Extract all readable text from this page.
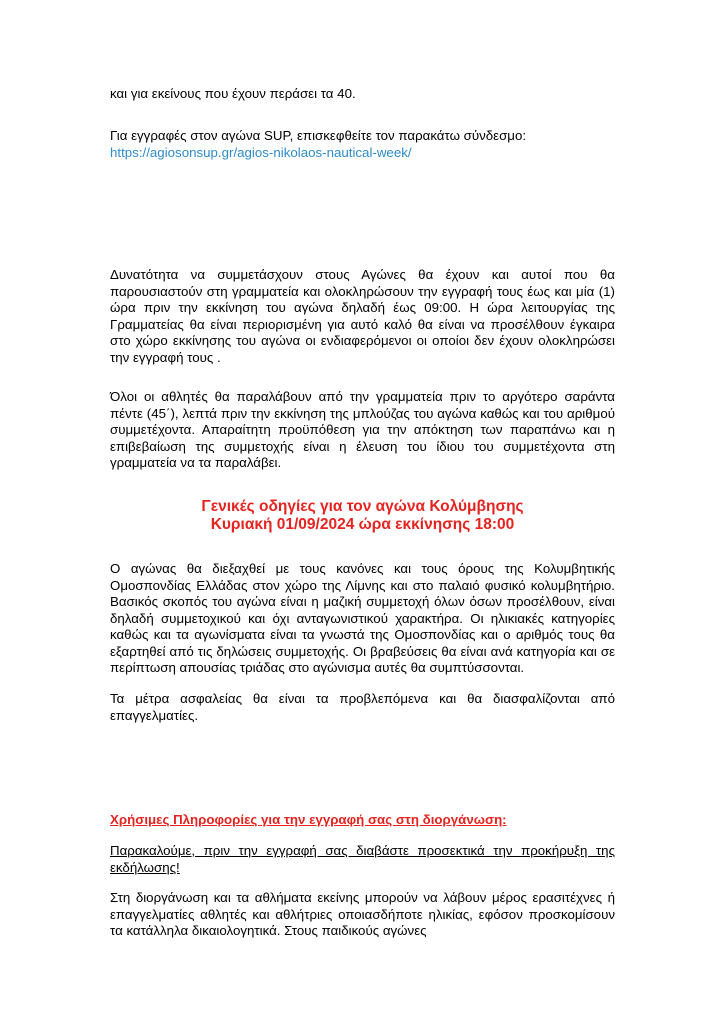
και για εκείνους που έχουν περάσει τα 40.

Για εγγραφές στον αγώνα SUP, επισκεφθείτε τον παρακάτω σύνδεσμο:

https://agiosonsup.gr/agios-nikolaos-nautical-week/

Δυνατότητα να συμμετάσχουν στους Αγώνες θα έχουν και αυτοί που θα παρουσιαστούν στη γραμματεία και ολοκληρώσουν την εγγραφή τους έως και μία (1) ώρα πριν την εκκίνηση του αγώνα δηλαδή έως 09:00. Η ώρα λειτουργίας της Γραμματείας θα είναι περιορισμένη για αυτό καλό θα είναι να προσέλθουν έγκαιρα στο χώρο εκκίνησης του αγώνα οι ενδιαφερόμενοι οι οποίοι δεν έχουν ολοκληρώσει την εγγραφή τους .

Όλοι οι αθλητές θα παραλάβουν από την γραμματεία πριν το αργότερο σαράντα πέντε (45΄), λεπτά πριν την εκκίνηση της μπλούζας του αγώνα καθώς και του αριθμού συμμετέχοντα. Απαραίτητη προϋπόθεση για την απόκτηση των παραπάνω και η επιβεβαίωση της συμμετοχής είναι η έλευση του ίδιου του συμμετέχοντα στη γραμματεία να τα παραλάβει.

Γενικές οδηγίες για τον αγώνα Κολύμβησης
Κυριακή 01/09/2024 ώρα εκκίνησης 18:00

Ο αγώνας θα διεξαχθεί με τους κανόνες και τους όρους της Κολυμβητικής Ομοσπονδίας Ελλάδας στον χώρο της Λίμνης και στο παλαιό φυσικό κολυμβητήριο. Βασικός σκοπός του αγώνα είναι η μαζική συμμετοχή όλων όσων προσέλθουν, είναι δηλαδή συμμετοχικού και όχι ανταγωνιστικού χαρακτήρα. Οι ηλικιακές κατηγορίες καθώς και τα αγωνίσματα είναι τα γνωστά της Ομοσπονδίας και ο αριθμός τους θα εξαρτηθεί από τις δηλώσεις συμμετοχής. Οι βραβεύσεις θα είναι ανά κατηγορία και σε περίπτωση απουσίας τριάδας στο αγώνισμα αυτές θα συμπτύσσονται.

Τα μέτρα ασφαλείας θα είναι τα προβλεπόμενα και θα διασφαλίζονται από επαγγελματίες.

Χρήσιμες Πληροφορίες για την εγγραφή σας στη διοργάνωση:

Παρακαλούμε, πριν την εγγραφή σας διαβάστε προσεκτικά την προκήρυξη της εκδήλωσης!

Στη διοργάνωση και τα αθλήματα εκείνης μπορούν να λάβουν μέρος ερασιτέχνες ή επαγγελματίες αθλητές και αθλήτριες οποιασδήποτε ηλικίας, εφόσον προσκομίσουν τα κατάλληλα δικαιολογητικά. Στους παιδικούς αγώνες
